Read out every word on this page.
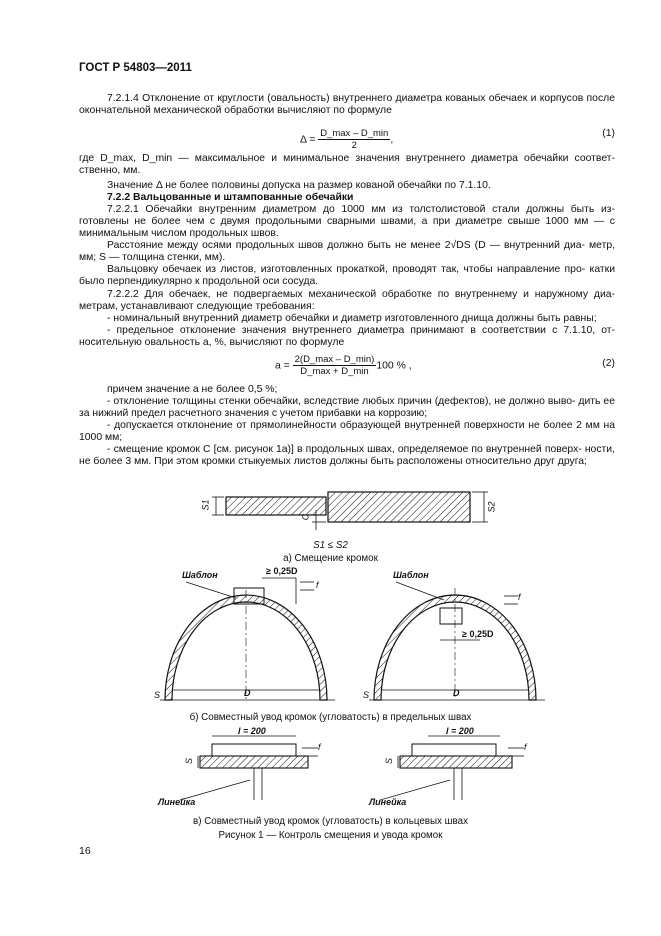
ГОСТ Р 54803—2011
7.2.1.4 Отклонение от круглости (овальность) внутреннего диаметра кованых обечаек и корпусов после окончательной механической обработки вычисляют по формуле
$\Delta = \frac{D\_\max - D\_\min}{2}$ ,
(1)
где D_max, D_min — максимальное и минимальное значения внутреннего диаметра обечайки соответ- ственно, мм.
Значение Δ не более половины допуска на размер кованой обечайки по 7.1.10.
7.2.2 Вальцованные и штампованные обечайки
7.2.2.1 Обечайки внутренним диаметром до 1000 мм из толстолистовой стали должны быть из- готовлены не более чем с двумя продольными сварными швами, а при диаметре свыше 1000 мм — с минимальным числом продольных швов.
Расстояние между осями продольных швов должно быть не менее 2√DS (D — внутренний диа- метр, мм; S — толщина стенки, мм).
Вальцовку обечаек из листов, изготовленных прокаткой, проводят так, чтобы направление про- катки было перпендикулярно к продольной оси сосуда.
7.2.2.2 Для обечаек, не подвергаемых механической обработке по внутреннему и наружному диа- метрам, устанавливают следующие требования:
- номинальный внутренний диаметр обечайки и диаметр изготовленного днища должны быть равны;
- предельное отклонение значения внутреннего диаметра принимают в соответствии с 7.1.10, от- носительную овальность a, %, вычисляют по формуле
$a = \frac{2(D\_\max - D\_\min)}{D\_\max + D\_\min} 100$ % ,	(2)
причем значение a не более 0,5 %;
- отклонение толщины стенки обечайки, вследствие любых причин (дефектов), не должно выво- дить ее за нижний предел расчетного значения с учетом прибавки на коррозию;
- допускается отклонение от прямолинейности образующей внутренней поверхности не более 2 мм на 1000 мм;
- смещение кромок C [см. рисунок 1а)] в продольных швах, определяемое по внутренней поверх- ности, не более 3 мм. При этом кромки стыкуемых листов должны быть расположены относительно друг друга;
S1	S2
C
S1 ≤ S2
а) Смещение кромок
Шаблон	≥ 0,25D
f
D
S
Шаблон
≥ 0,25D
f
D
S
б) Совместный увод кромок (угловатость) в предельных швах
l = 200	l = 200
f	f
S	S
Линейка	Линейка
в) Совместный увод кромок (угловатость) в кольцевых швах
Рисунок 1 — Контроль смещения и увода кромок
16
